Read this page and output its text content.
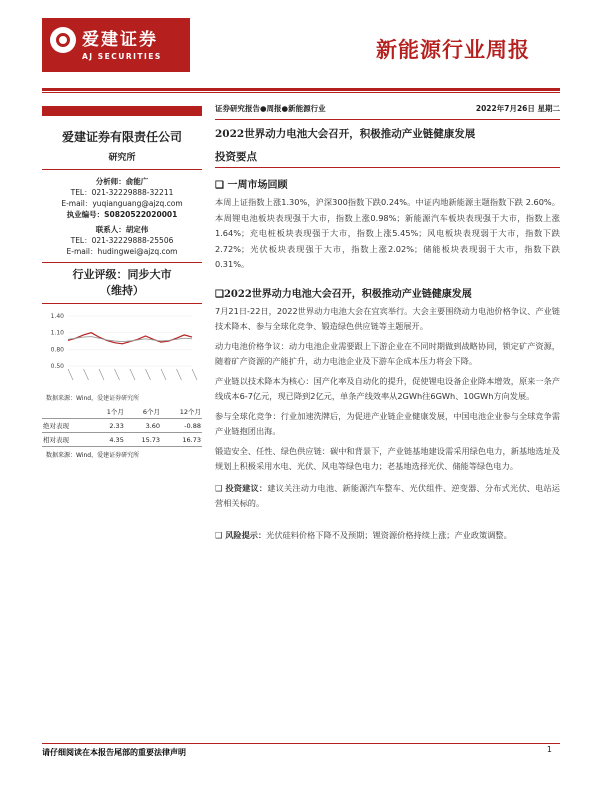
爱建证券
AJ SECURITIES	新能源行业周报
爱建证券有限责任公司
研究所
分析师：俞能广
TEL：021-32229888-32211
E-mail：yuqianguang@ajzq.com
执业编号：S0820522020001
联系人：胡定伟
TEL：021-32229888-25506
E-mail：hudingwei@ajzq.com
行业评级：同步大市
（维持）
1.40
1.10
0.80
0.50
数据来源：Wind，爱建证券研究所
	1个月	6个月	12个月
绝对表现	2.33	3.60	-0.88
相对表现	4.35	15.73	16.73
数据来源：Wind，爱建证券研究所
证券研究报告●周报●新能源行业	2022年7月26日 星期二
2022世界动力电池大会召开，积极推动产业链健康发展
投资要点
❑ 一周市场回顾
本周上证指数上涨1.30%，沪深300指数下跌0.24%。中证内地新能源主题指数下跌 2.60%。本周锂电池板块表现强于大市，指数上涨0.98%；新能源汽车板块表现强于大市，指数上涨1.64%；充电桩板块表现强于大市，指数上涨5.45%；风电板块表现弱于大市，指数下跌2.72%；光伏板块表现强于大市，指数上涨2.02%；储能板块表现弱于大市，指数下跌0.31%。
❑2022世界动力电池大会召开，积极推动产业链健康发展
7月21日-22日，2022世界动力电池大会在宜宾举行。大会主要围绕动力电池价格争议、产业链技术降本、参与全球化竞争、锻造绿色供应链等主题展开。
动力电池价格争议：动力电池企业需要跟上下游企业在不同时期做到战略协同，锁定矿产资源，随着矿产资源的产能扩升，动力电池企业及下游车企成本压力将会下降。
产业链以技术降本为核心：国产化率及自动化的提升，促使锂电设备企业降本增效，原来一条产线成本6-7亿元，现已降到2亿元，单条产线效率从2GWh往6GWh、10GWh方向发展。
参与全球化竞争：行业加速洗牌后，为促进产业链企业健康发展，中国电池企业参与全球竞争需产业链抱团出海。
锻造安全、任性、绿色供应链：碳中和背景下，产业链基地建设需采用绿色电力，新基地选址及规划上积极采用水电、光伏、风电等绿色电力；老基地选择光伏、储能等绿色电力。
❑ 投资建议：建议关注动力电池、新能源汽车整车、光伏组件、逆变器、分布式光伏、电站运营相关标的。
❑ 风险提示：光伏硅料价格下降不及预期；锂资源价格持续上涨；产业政策调整。
请仔细阅读在本报告尾部的重要法律声明	1
